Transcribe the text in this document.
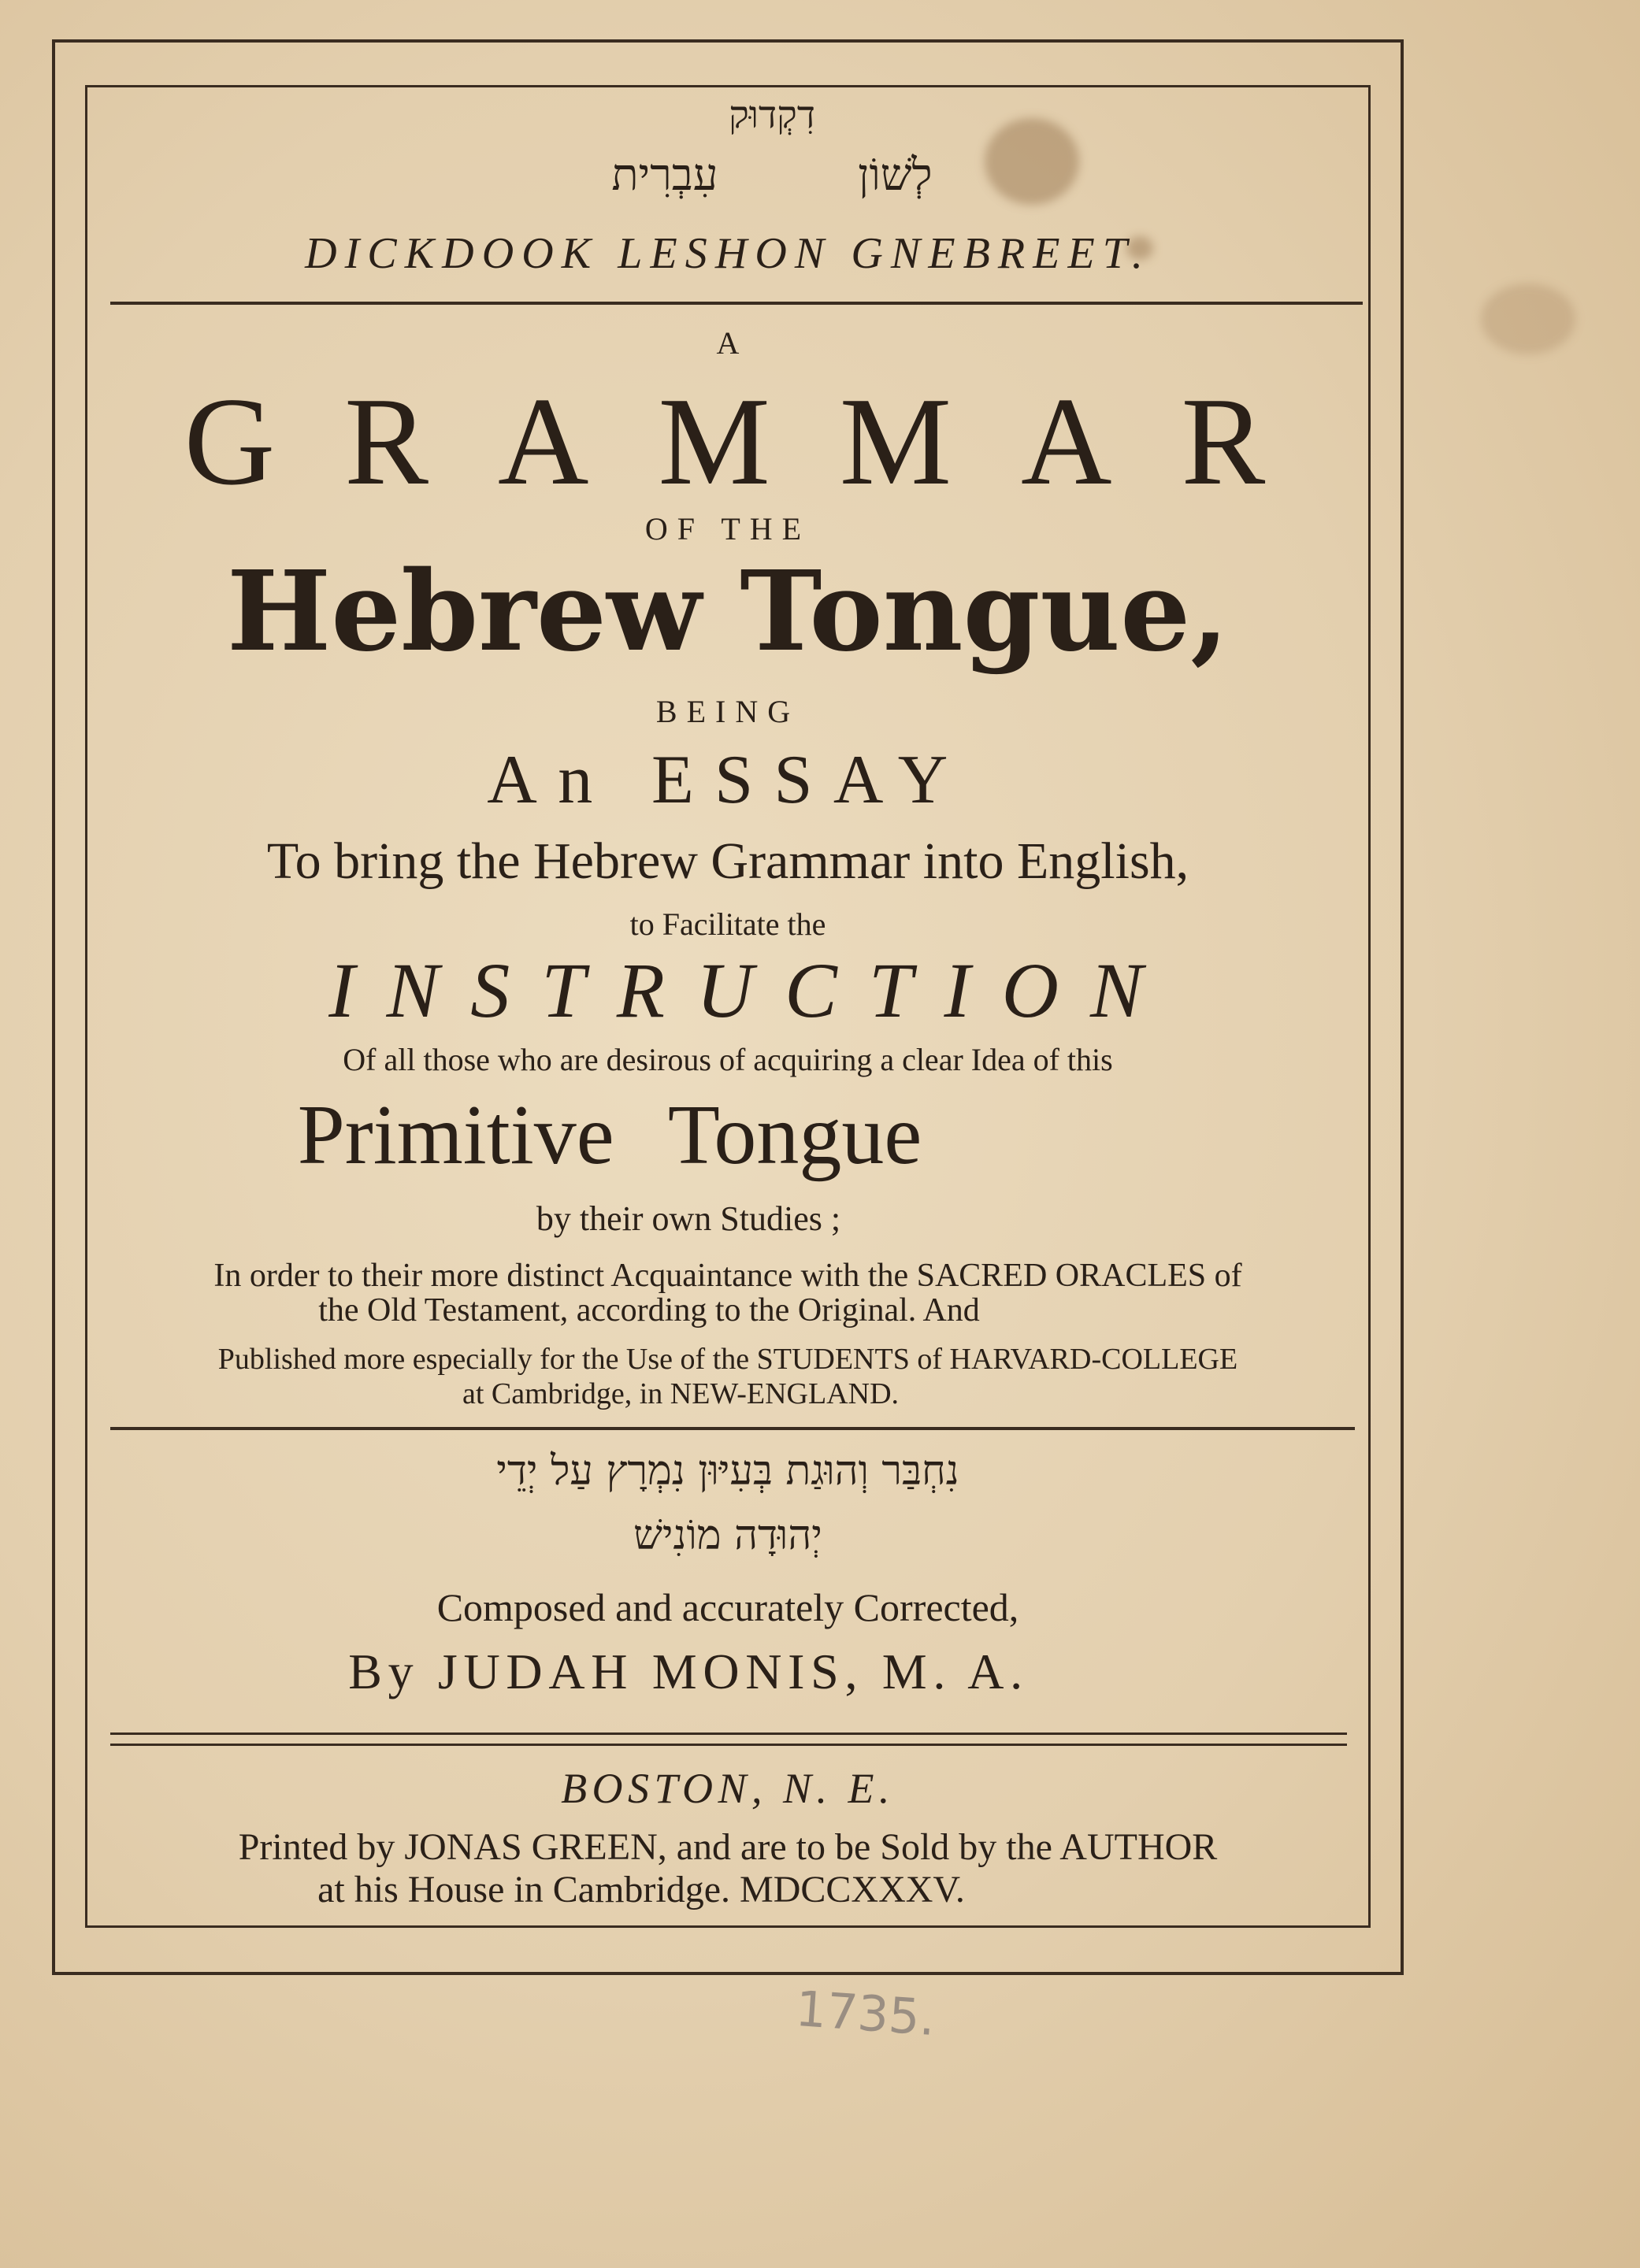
דִקְדוּק
לְשׁוֹן עִבְרִית
DICKDOOK LESHON GNEBREET.
A
GRAMMAR
OF THE
Hebrew Tongue,
BEING
An ESSAY
To bring the Hebrew Grammar into English,
to Facilitate the
INSTRUCTION
Of all those who are desirous of acquiring a clear Idea of this
Primitive Tongue
by their own Studies ;
In order to their more distinct Acquaintance with the SACRED ORACLES of
the Old Testament, according to the Original. And
Published more especially for the Use of the STUDENTS of HARVARD-COLLEGE
at Cambridge, in NEW-ENGLAND.
נִחְבַּר וְהוּגַת בְּעִיּוּן נִמְרָץ עַל יְדֵי
יְהוּדָה מוֹנִישׁ
Composed and accurately Corrected,
By JUDAH MONIS, M. A.
BOSTON, N. E.
Printed by JONAS GREEN, and are to be Sold by the AUTHOR
at his House in Cambridge. MDCCXXXV.
1735.
